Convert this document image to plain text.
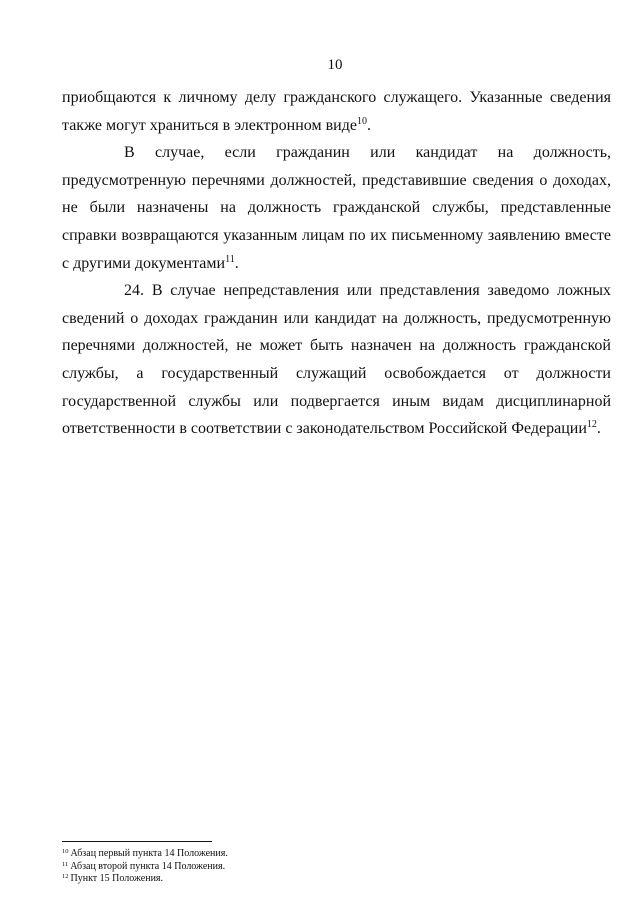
10

приобщаются к личному делу гражданского служащего. Указанные сведения также могут храниться в электронном виде$^{10}$.

В случае, если гражданин или кандидат на должность, предусмотренную перечнями должностей, представившие сведения о доходах, не были назначены на должность гражданской службы, представленные справки возвращаются указанным лицам по их письменному заявлению вместе с другими документами$^{11}$.

24. В случае непредставления или представления заведомо ложных сведений о доходах гражданин или кандидат на должность, предусмотренную перечнями должностей, не может быть назначен на должность гражданской службы, а государственный служащий освобождается от должности государственной службы или подвергается иным видам дисциплинарной ответственности в соответствии с законодательством Российской Федерации$^{12}$.

$^{10}$ Абзац первый пункта 14 Положения.
$^{11}$ Абзац второй пункта 14 Положения.
$^{12}$ Пункт 15 Положения.
